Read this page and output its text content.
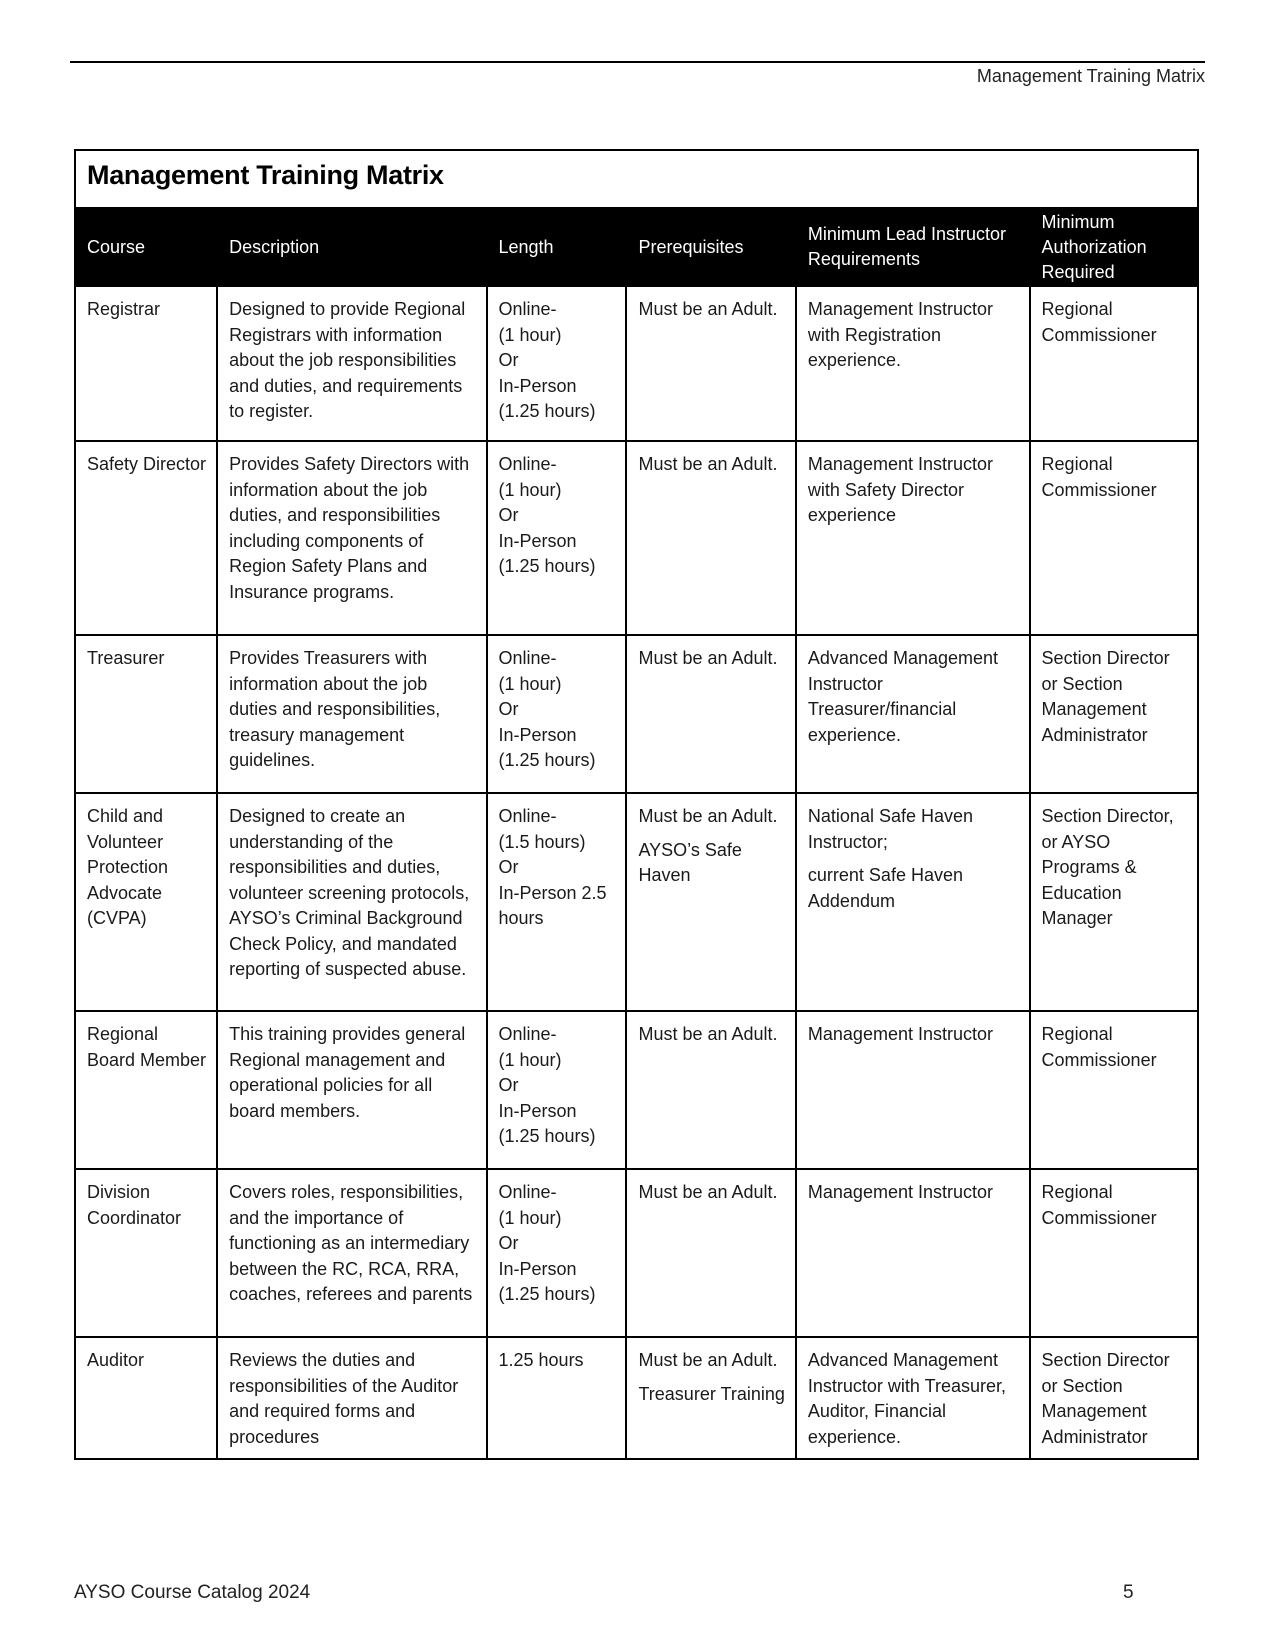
Management Training Matrix
Management Training Matrix					
Course	Description	Length	Prerequisites	Minimum Lead Instructor Requirements	Minimum Authorization Required
Registrar	Designed to provide Regional Registrars with information about the job responsibilities and duties, and requirements to register.	Online-
(1 hour)
Or
In-Person
(1.25 hours)	Must be an Adult.	Management Instructor with Registration experience.	Regional Commissioner
Safety Director	Provides Safety Directors with information about the job duties, and responsibilities including components of Region Safety Plans and Insurance programs.	Online-
(1 hour)
Or
In-Person
(1.25 hours)	Must be an Adult.	Management Instructor with Safety Director experience	Regional Commissioner
Treasurer	Provides Treasurers with information about the job duties and responsibilities, treasury management guidelines.	Online-
(1 hour)
Or
In-Person
(1.25 hours)	Must be an Adult.	Advanced Management Instructor Treasurer/financial experience.	Section Director or Section Management Administrator
Child and Volunteer Protection Advocate (CVPA)	Designed to create an understanding of the responsibilities and duties, volunteer screening protocols, AYSO’s Criminal Background Check Policy, and mandated reporting of suspected abuse.	Online-
(1.5 hours)
Or
In-Person 2.5 hours	Must be an Adult.
AYSO’s Safe Haven	National Safe Haven Instructor;
current Safe Haven Addendum	Section Director, or AYSO Programs & Education Manager
Regional Board Member	This training provides general Regional management and operational policies for all board members.	Online-
(1 hour)
Or
In-Person
(1.25 hours)	Must be an Adult.	Management Instructor	Regional Commissioner
Division Coordinator	Covers roles, responsibilities, and the importance of functioning as an intermediary between the RC, RCA, RRA, coaches, referees and parents	Online-
(1 hour)
Or
In-Person
(1.25 hours)	Must be an Adult.	Management Instructor	Regional Commissioner
Auditor	Reviews the duties and responsibilities of the Auditor and required forms and procedures	1.25 hours	Must be an Adult.
Treasurer Training	Advanced Management Instructor with Treasurer, Auditor, Financial experience.	Section Director or Section Management Administrator
AYSO Course Catalog 2024	5
